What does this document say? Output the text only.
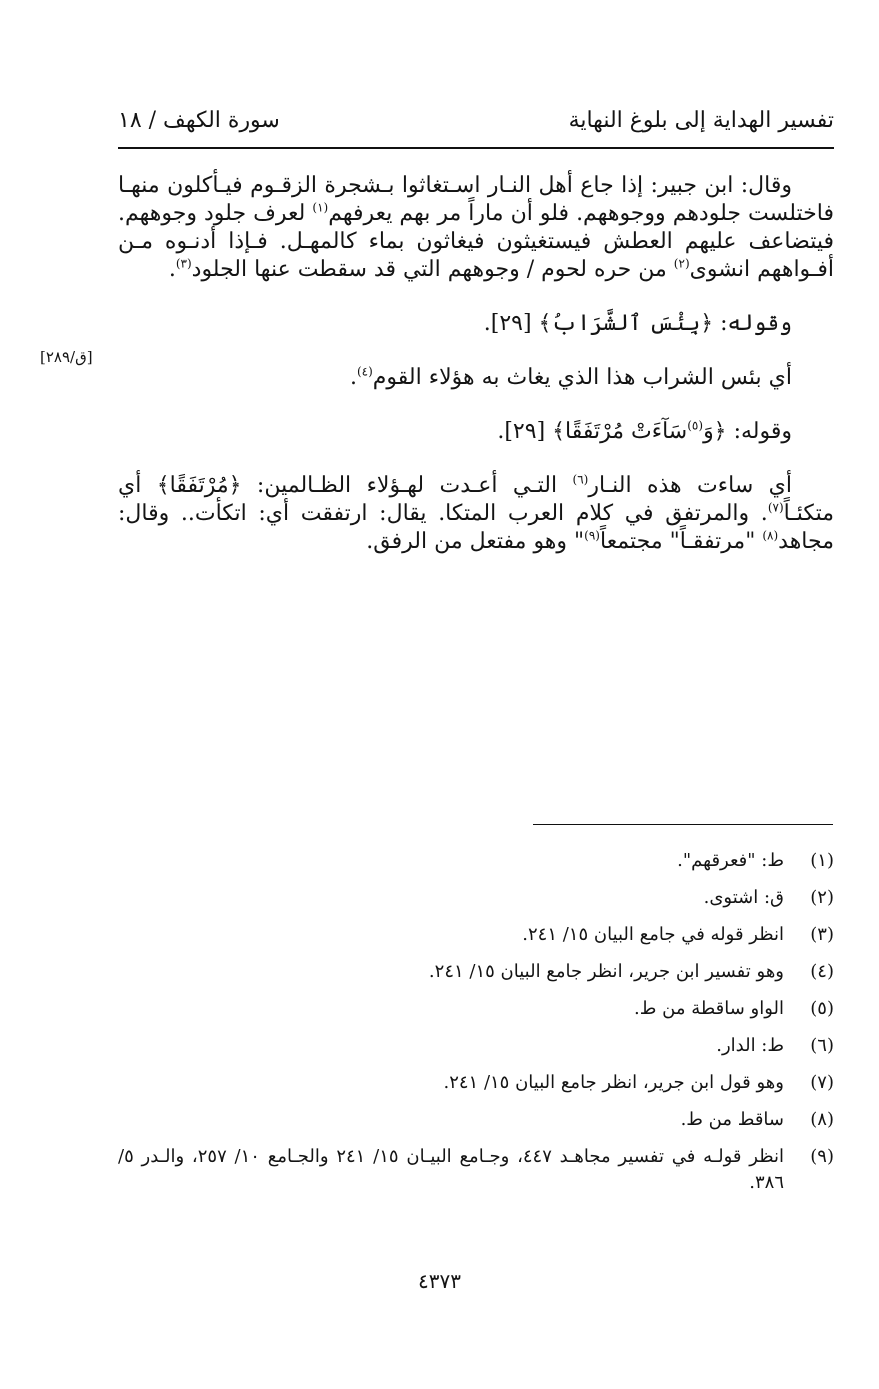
سورة الكهف / ١٨	تفسير الهداية إلى بلوغ النهاية
[ق/٢٨٩]

وقال: ابن جبير: إذا جاع أهل النـار اسـتغاثوا بـشجرة الزقـوم فيـأكلون منهـا فاختلست جلودهم ووجوههم. فلو أن ماراً مر بهم يعرفهم$^{(١)}$ لعرف جلود وجوههم. فيتضاعف عليهم العطش فيستغيثون فيغاثون بماء كالمهـل. فـإذا أدنـوه مـن أفـواههم انشوى$^{(٢)}$ من حره لحوم / وجوههم التي قد سقطت عنها الجلود$^{(٣)}$.

وقوله: ﴿بِئْسَ ٱلشَّرَابُ﴾ [٢٩].

أي بئس الشراب هذا الذي يغاث به هؤلاء القوم$^{(٤)}$.

وقوله: ﴿وَ$^{(٥)}$سَآءَتْ مُرْتَفَقًا﴾ [٢٩].

أي ساءت هذه النـار$^{(٦)}$ التـي أعـدت لهـؤلاء الظـالمين: ﴿مُرْتَفَقًا﴾ أي متكئـاً$^{(٧)}$. والمرتفق في كلام العرب المتكا. يقال: ارتفقت أي: اتكأت.. وقال: مجاهد$^{(٨)}$ "مرتفقـاً" مجتمعاً$^{(٩)}$" وهو مفتعل من الرفق.

(١)
ط: "فعرقهم".
(٢)
ق: اشتوى.
(٣)
انظر قوله في جامع البيان ١٥/ ٢٤١.
(٤)
وهو تفسير ابن جرير، انظر جامع البيان ١٥/ ٢٤١.
(٥)
الواو ساقطة من ط.
(٦)
ط: الدار.
(٧)
وهو قول ابن جرير، انظر جامع البيان ١٥/ ٢٤١.
(٨)
ساقط من ط.
(٩)
انظر قولـه في تفسير مجاهـد ٤٤٧، وجـامع البيـان ١٥/ ٢٤١ والجـامع ١٠/ ٢٥٧، والـدر ٥/ ٣٨٦.
٤٣٧٣
